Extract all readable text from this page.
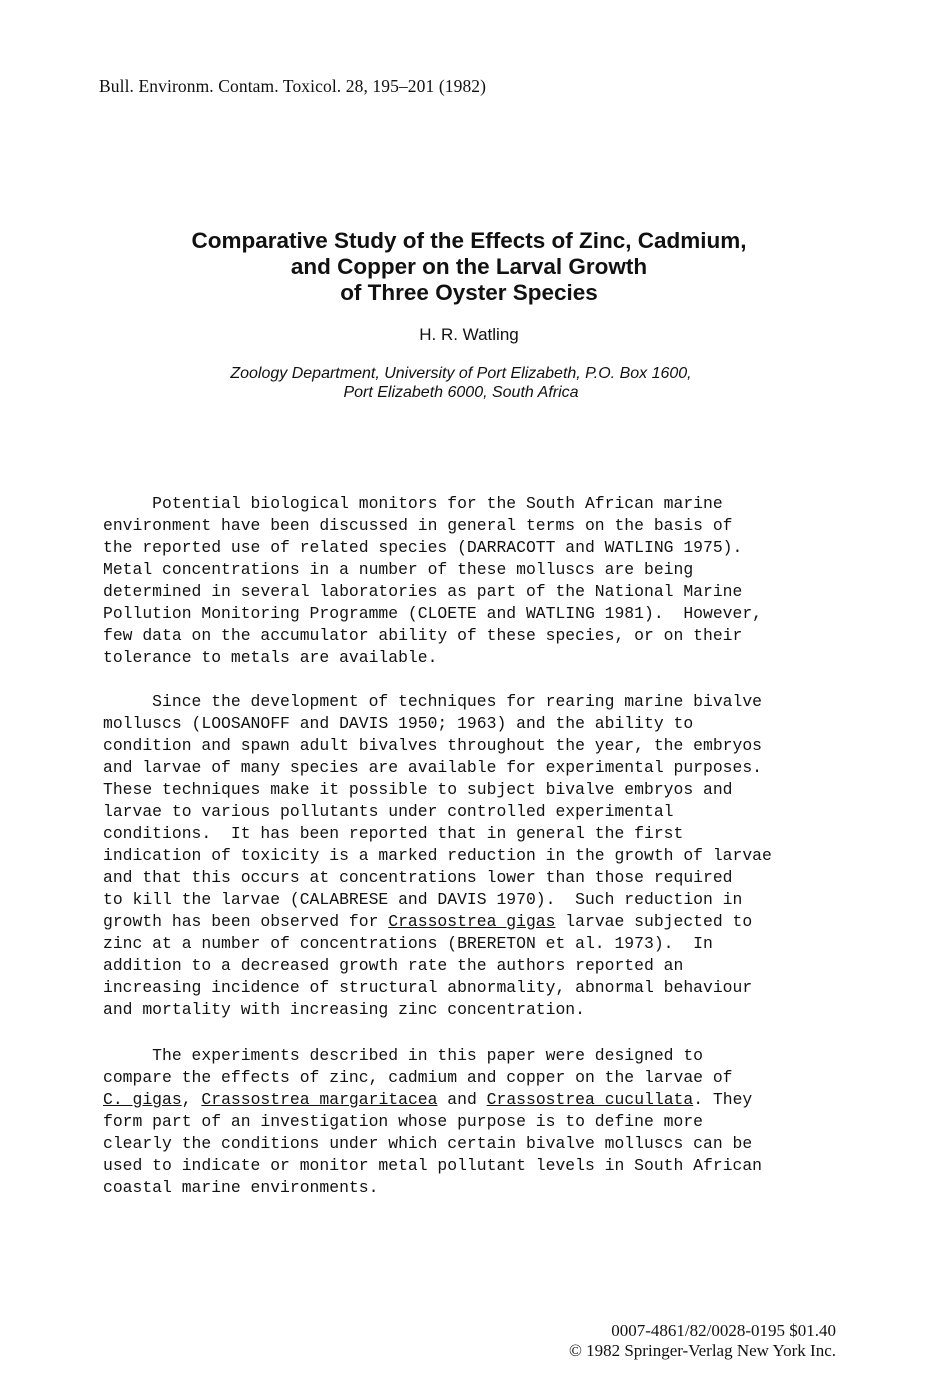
Bull. Environm. Contam. Toxicol. 28, 195–201 (1982)
Comparative Study of the Effects of Zinc, Cadmium,
and Copper on the Larval Growth
of Three Oyster Species
H. R. Watling
Zoology Department, University of Port Elizabeth, P.O. Box 1600,
Port Elizabeth 6000, South Africa
Potential biological monitors for the South African marine
environment have been discussed in general terms on the basis of
the reported use of related species (DARRACOTT and WATLING 1975).
Metal concentrations in a number of these molluscs are being
determined in several laboratories as part of the National Marine
Pollution Monitoring Programme (CLOETE and WATLING 1981).  However,
few data on the accumulator ability of these species, or on their
tolerance to metals are available.
Since the development of techniques for rearing marine bivalve
molluscs (LOOSANOFF and DAVIS 1950; 1963) and the ability to
condition and spawn adult bivalves throughout the year, the embryos
and larvae of many species are available for experimental purposes.
These techniques make it possible to subject bivalve embryos and
larvae to various pollutants under controlled experimental
conditions.  It has been reported that in general the first
indication of toxicity is a marked reduction in the growth of larvae
and that this occurs at concentrations lower than those required
to kill the larvae (CALABRESE and DAVIS 1970).  Such reduction in
growth has been observed for Crassostrea gigas larvae subjected to
zinc at a number of concentrations (BRERETON et al. 1973).  In
addition to a decreased growth rate the authors reported an
increasing incidence of structural abnormality, abnormal behaviour
and mortality with increasing zinc concentration.
The experiments described in this paper were designed to
compare the effects of zinc, cadmium and copper on the larvae of
C. gigas, Crassostrea margaritacea and Crassostrea cucullata. They
form part of an investigation whose purpose is to define more
clearly the conditions under which certain bivalve molluscs can be
used to indicate or monitor metal pollutant levels in South African
coastal marine environments.
0007-4861/82/0028-0195 $01.40
© 1982 Springer-Verlag New York Inc.
